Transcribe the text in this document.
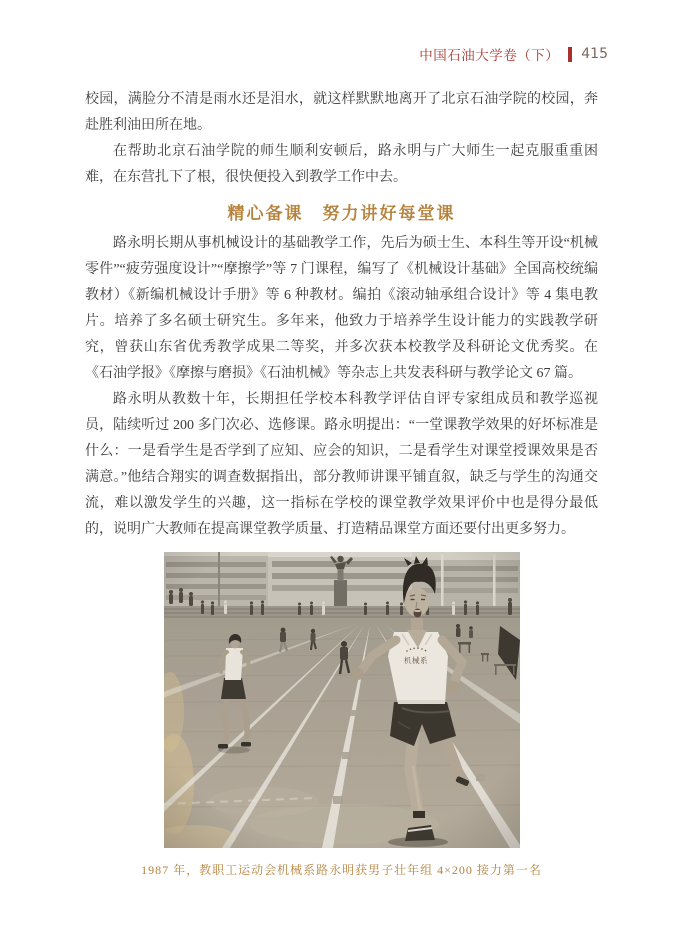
中国石油大学卷（下） 415

校园，满脸分不清是雨水还是泪水，就这样默默地离开了北京石油学院的校园，奔赴胜利油田所在地。

在帮助北京石油学院的师生顺利安顿后，路永明与广大师生一起克服重重困难，在东营扎下了根，很快便投入到教学工作中去。

精心备课　努力讲好每堂课

路永明长期从事机械设计的基础教学工作，先后为硕士生、本科生等开设“机械零件”“疲劳强度设计”“摩擦学”等 7 门课程，编写了《机械设计基础》全国高校统编教材）《新编机械设计手册》等 6 种教材。编拍《滚动轴承组合设计》等 4 集电教片。培养了多名硕士研究生。多年来，他致力于培养学生设计能力的实践教学研究，曾获山东省优秀教学成果二等奖，并多次获本校教学及科研论文优秀奖。在《石油学报》《摩擦与磨损》《石油机械》等杂志上共发表科研与教学论文 67 篇。

路永明从教数十年，长期担任学校本科教学评估自评专家组成员和教学巡视员，陆续听过 200 多门次必、选修课。路永明提出：“一堂课教学效果的好坏标准是什么：一是看学生是否学到了应知、应会的知识，二是看学生对课堂授课效果是否满意。”他结合翔实的调查数据指出，部分教师讲课平铺直叙，缺乏与学生的沟通交流，难以激发学生的兴趣，这一指标在学校的课堂教学效果评价中也是得分最低的，说明广大教师在提高课堂教学质量、打造精品课堂方面还要付出更多努力。

1987 年，教职工运动会机械系路永明获男子壮年组 4×200 接力第一名
